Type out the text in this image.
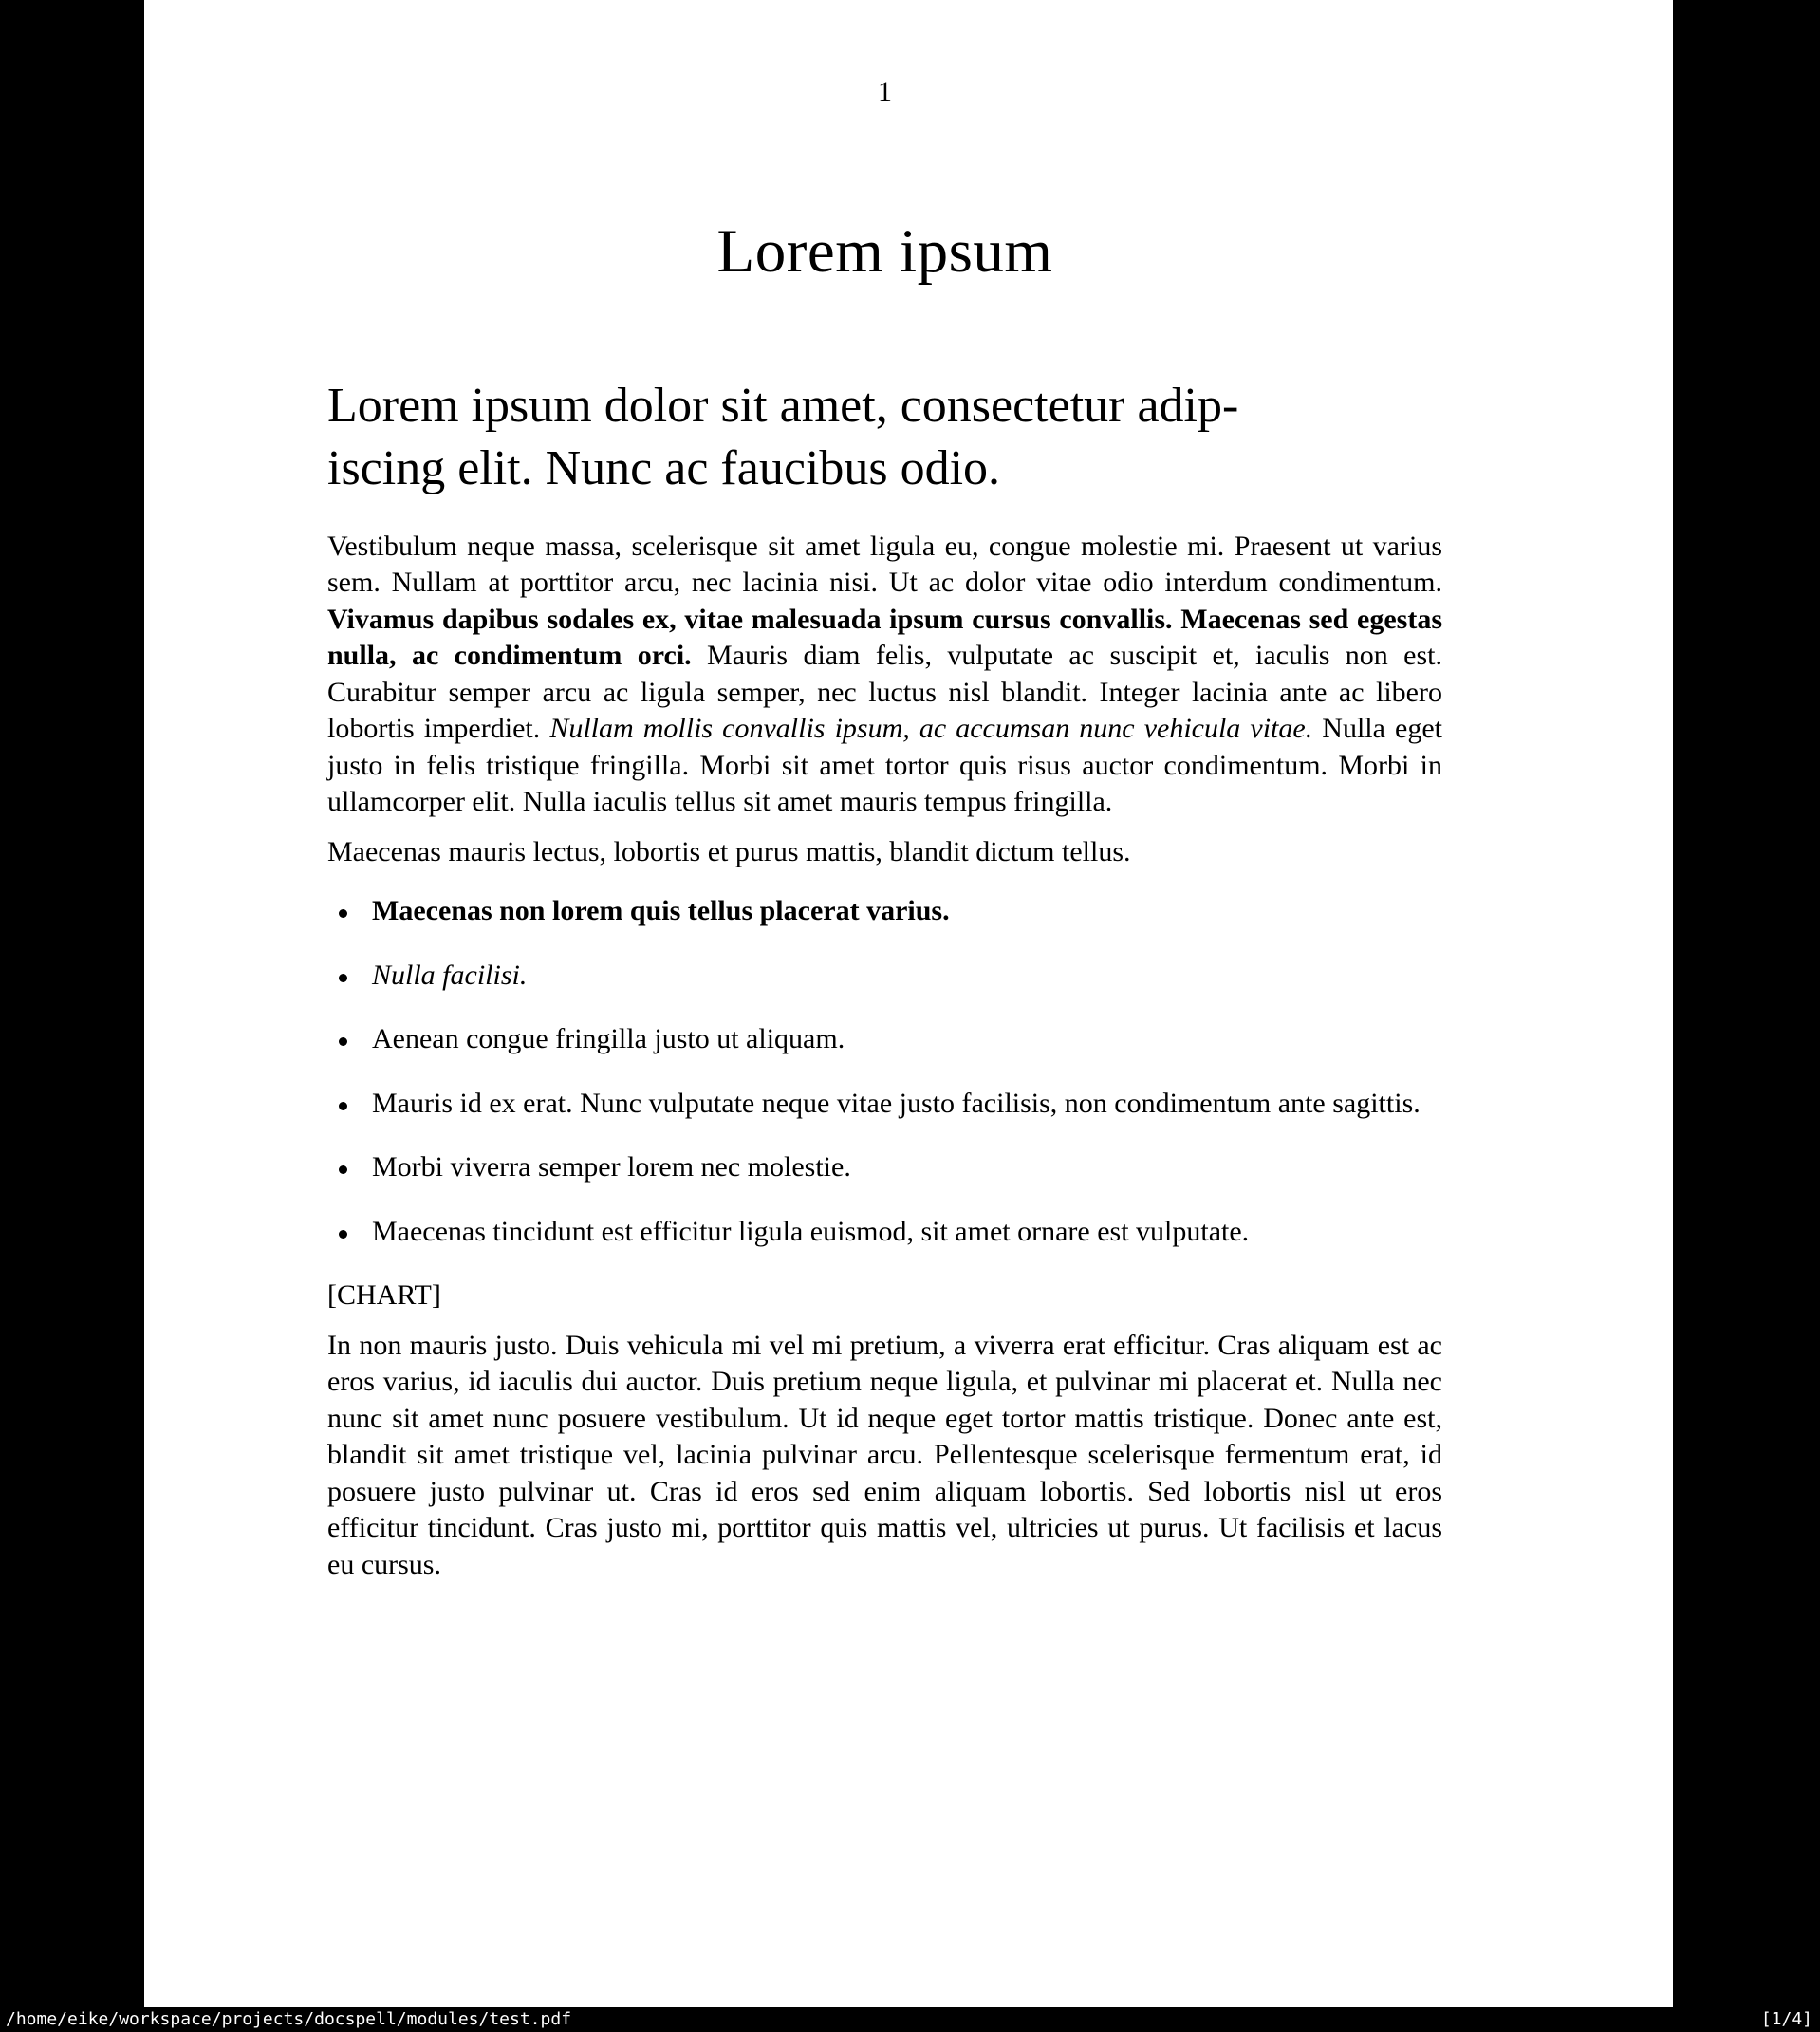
1
Lorem ipsum
Lorem ipsum dolor sit amet, consectetur adip-
iscing elit. Nunc ac faucibus odio.

Vestibulum neque massa, scelerisque sit amet ligula eu, congue molestie mi. Praesent ut varius sem. Nullam at porttitor arcu, nec lacinia nisi. Ut ac dolor vitae odio interdum condimentum. Vivamus dapibus sodales ex, vitae malesuada ipsum cursus convallis. Maecenas sed egestas nulla, ac condimentum orci. Mauris diam felis, vulputate ac suscipit et, iaculis non est. Curabitur semper arcu ac ligula semper, nec luctus nisl blandit. Integer lacinia ante ac libero lobortis imperdiet. Nullam mollis convallis ipsum, ac accumsan nunc vehicula vitae. Nulla eget justo in felis tristique fringilla. Morbi sit amet tortor quis risus auctor condimentum. Morbi in ullamcorper elit. Nulla iaculis tellus sit amet mauris tempus fringilla.

Maecenas mauris lectus, lobortis et purus mattis, blandit dictum tellus.

Maecenas non lorem quis tellus placerat varius.
Nulla facilisi.
Aenean congue fringilla justo ut aliquam.
Mauris id ex erat. Nunc vulputate neque vitae justo facilisis, non condimentum ante sagittis.
Morbi viverra semper lorem nec molestie.
Maecenas tincidunt est efficitur ligula euismod, sit amet ornare est vulputate.

[CHART]

In non mauris justo. Duis vehicula mi vel mi pretium, a viverra erat efficitur. Cras aliquam est ac eros varius, id iaculis dui auctor. Duis pretium neque ligula, et pulvinar mi placerat et. Nulla nec nunc sit amet nunc posuere vestibulum. Ut id neque eget tortor mattis tristique. Donec ante est, blandit sit amet tristique vel, lacinia pulvinar arcu. Pellentesque scelerisque fermentum erat, id posuere justo pulvinar ut. Cras id eros sed enim aliquam lobortis. Sed lobortis nisl ut eros efficitur tincidunt. Cras justo mi, porttitor quis mattis vel, ultricies ut purus. Ut facilisis et lacus eu cursus.

/home/eike/workspace/projects/docspell/modules/test.pdf	[1/4]
